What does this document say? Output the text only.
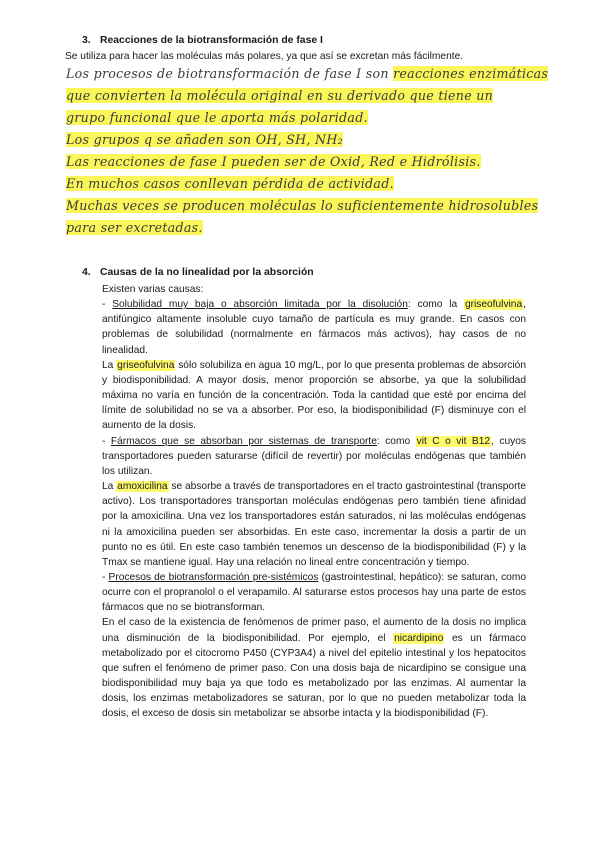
3. Reacciones de la biotransformación de fase I
Se utiliza para hacer las moléculas más polares, ya que así se excretan más fácilmente.
Los procesos de biotransformación de fase I son reacciones enzimáticas
que convierten la molécula original en su derivado que tiene un
grupo funcional que le aporta más polaridad.
Los grupos q se añaden son OH, SH, NH₂
Las reacciones de fase I pueden ser de Oxid, Red e Hidrólisis.
En muchos casos conllevan pérdida de actividad.
Muchas veces se producen moléculas lo suficientemente hidrosolubles
para ser excretadas.
4. Causas de la no linealidad por la absorción

Existen varias causas:

- Solubilidad muy baja o absorción limitada por la disolución: como la griseofulvina, antifúngico altamente insoluble cuyo tamaño de partícula es muy grande. En casos con problemas de solubilidad (normalmente en fármacos más activos), hay casos de no linealidad.

La griseofulvina sólo solubiliza en agua 10 mg/L, por lo que presenta problemas de absorción y biodisponibilidad. A mayor dosis, menor proporción se absorbe, ya que la solubilidad máxima no varía en función de la concentración. Toda la cantidad que esté por encima del límite de solubilidad no se va a absorber. Por eso, la biodisponibilidad (F) disminuye con el aumento de la dosis.

- Fármacos que se absorban por sistemas de transporte: como vit C o vit B12, cuyos transportadores pueden saturarse (difícil de revertir) por moléculas endógenas que también los utilizan.

La amoxicilina se absorbe a través de transportadores en el tracto gastrointestinal (transporte activo). Los transportadores transportan moléculas endógenas pero también tiene afinidad por la amoxicilina. Una vez los transportadores están saturados, ni las moléculas endógenas ni la amoxicilina pueden ser absorbidas. En este caso, incrementar la dosis a partir de un punto no es útil. En este caso también tenemos un descenso de la biodisponibilidad (F) y la Tmax se mantiene igual. Hay una relación no lineal entre concentración y tiempo.

- Procesos de biotransformación pre-sistémicos (gastrointestinal, hepático): se saturan, como ocurre con el propranolol o el verapamilo. Al saturarse estos procesos hay una parte de estos fármacos que no se biotransforman.

En el caso de la existencia de fenómenos de primer paso, el aumento de la dosis no implica una disminución de la biodisponibilidad. Por ejemplo, el nicardipino es un fármaco metabolizado por el citocromo P450 (CYP3A4) a nivel del epitelio intestinal y los hepatocitos que sufren el fenómeno de primer paso. Con una dosis baja de nicardipino se consigue una biodisponibilidad muy baja ya que todo es metabolizado por las enzimas. Al aumentar la dosis, los enzimas metabolizadores se saturan, por lo que no pueden metabolizar toda la dosis, el exceso de dosis sin metabolizar se absorbe intacta y la biodisponibilidad (F).
